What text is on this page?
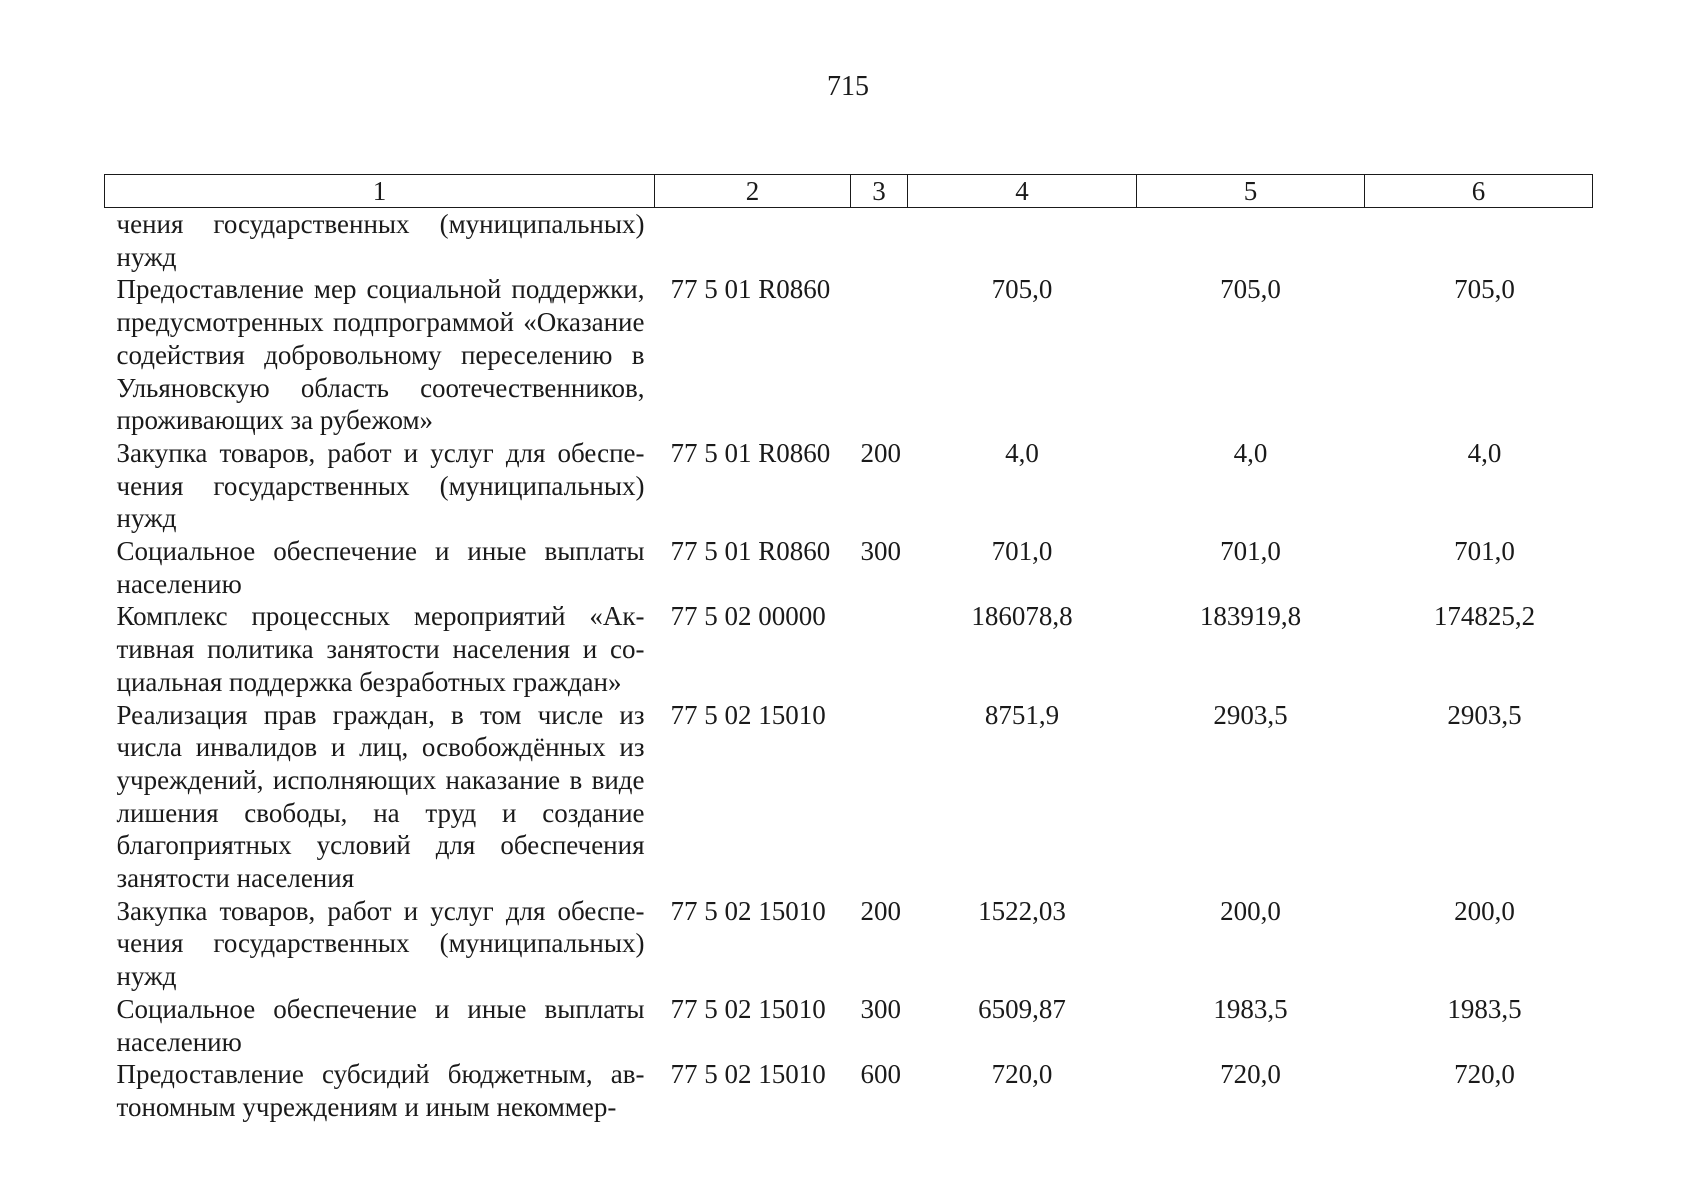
715
1	2	3	4	5	6
чения государственных (муниципальных) нужд					
Предоставление мер социальной поддержки, предусмотренных подпрограммой «Оказание содействия добровольному переселению в Ульяновскую область соотечественников, проживающих за рубежом»	77 5 01 R0860		705,0	705,0	705,0
Закупка товаров, работ и услуг для обеспечения государственных (муниципальных) нужд	77 5 01 R0860	200	4,0	4,0	4,0
Социальное обеспечение и иные выплаты населению	77 5 01 R0860	300	701,0	701,0	701,0
Комплекс процессных мероприятий «Активная политика занятости населения и социальная поддержка безработных граждан»	77 5 02 00000		186078,8	183919,8	174825,2
Реализация прав граждан, в том числе из числа инвалидов и лиц, освобождённых из учреждений, исполняющих наказание в виде лишения свободы, на труд и создание благоприятных условий для обеспечения занятости населения	77 5 02 15010		8751,9	2903,5	2903,5
Закупка товаров, работ и услуг для обеспечения государственных (муниципальных) нужд	77 5 02 15010	200	1522,03	200,0	200,0
Социальное обеспечение и иные выплаты населению	77 5 02 15010	300	6509,87	1983,5	1983,5
Предоставление субсидий бюджетным, автономным учреждениям и иным некоммер-	77 5 02 15010	600	720,0	720,0	720,0
